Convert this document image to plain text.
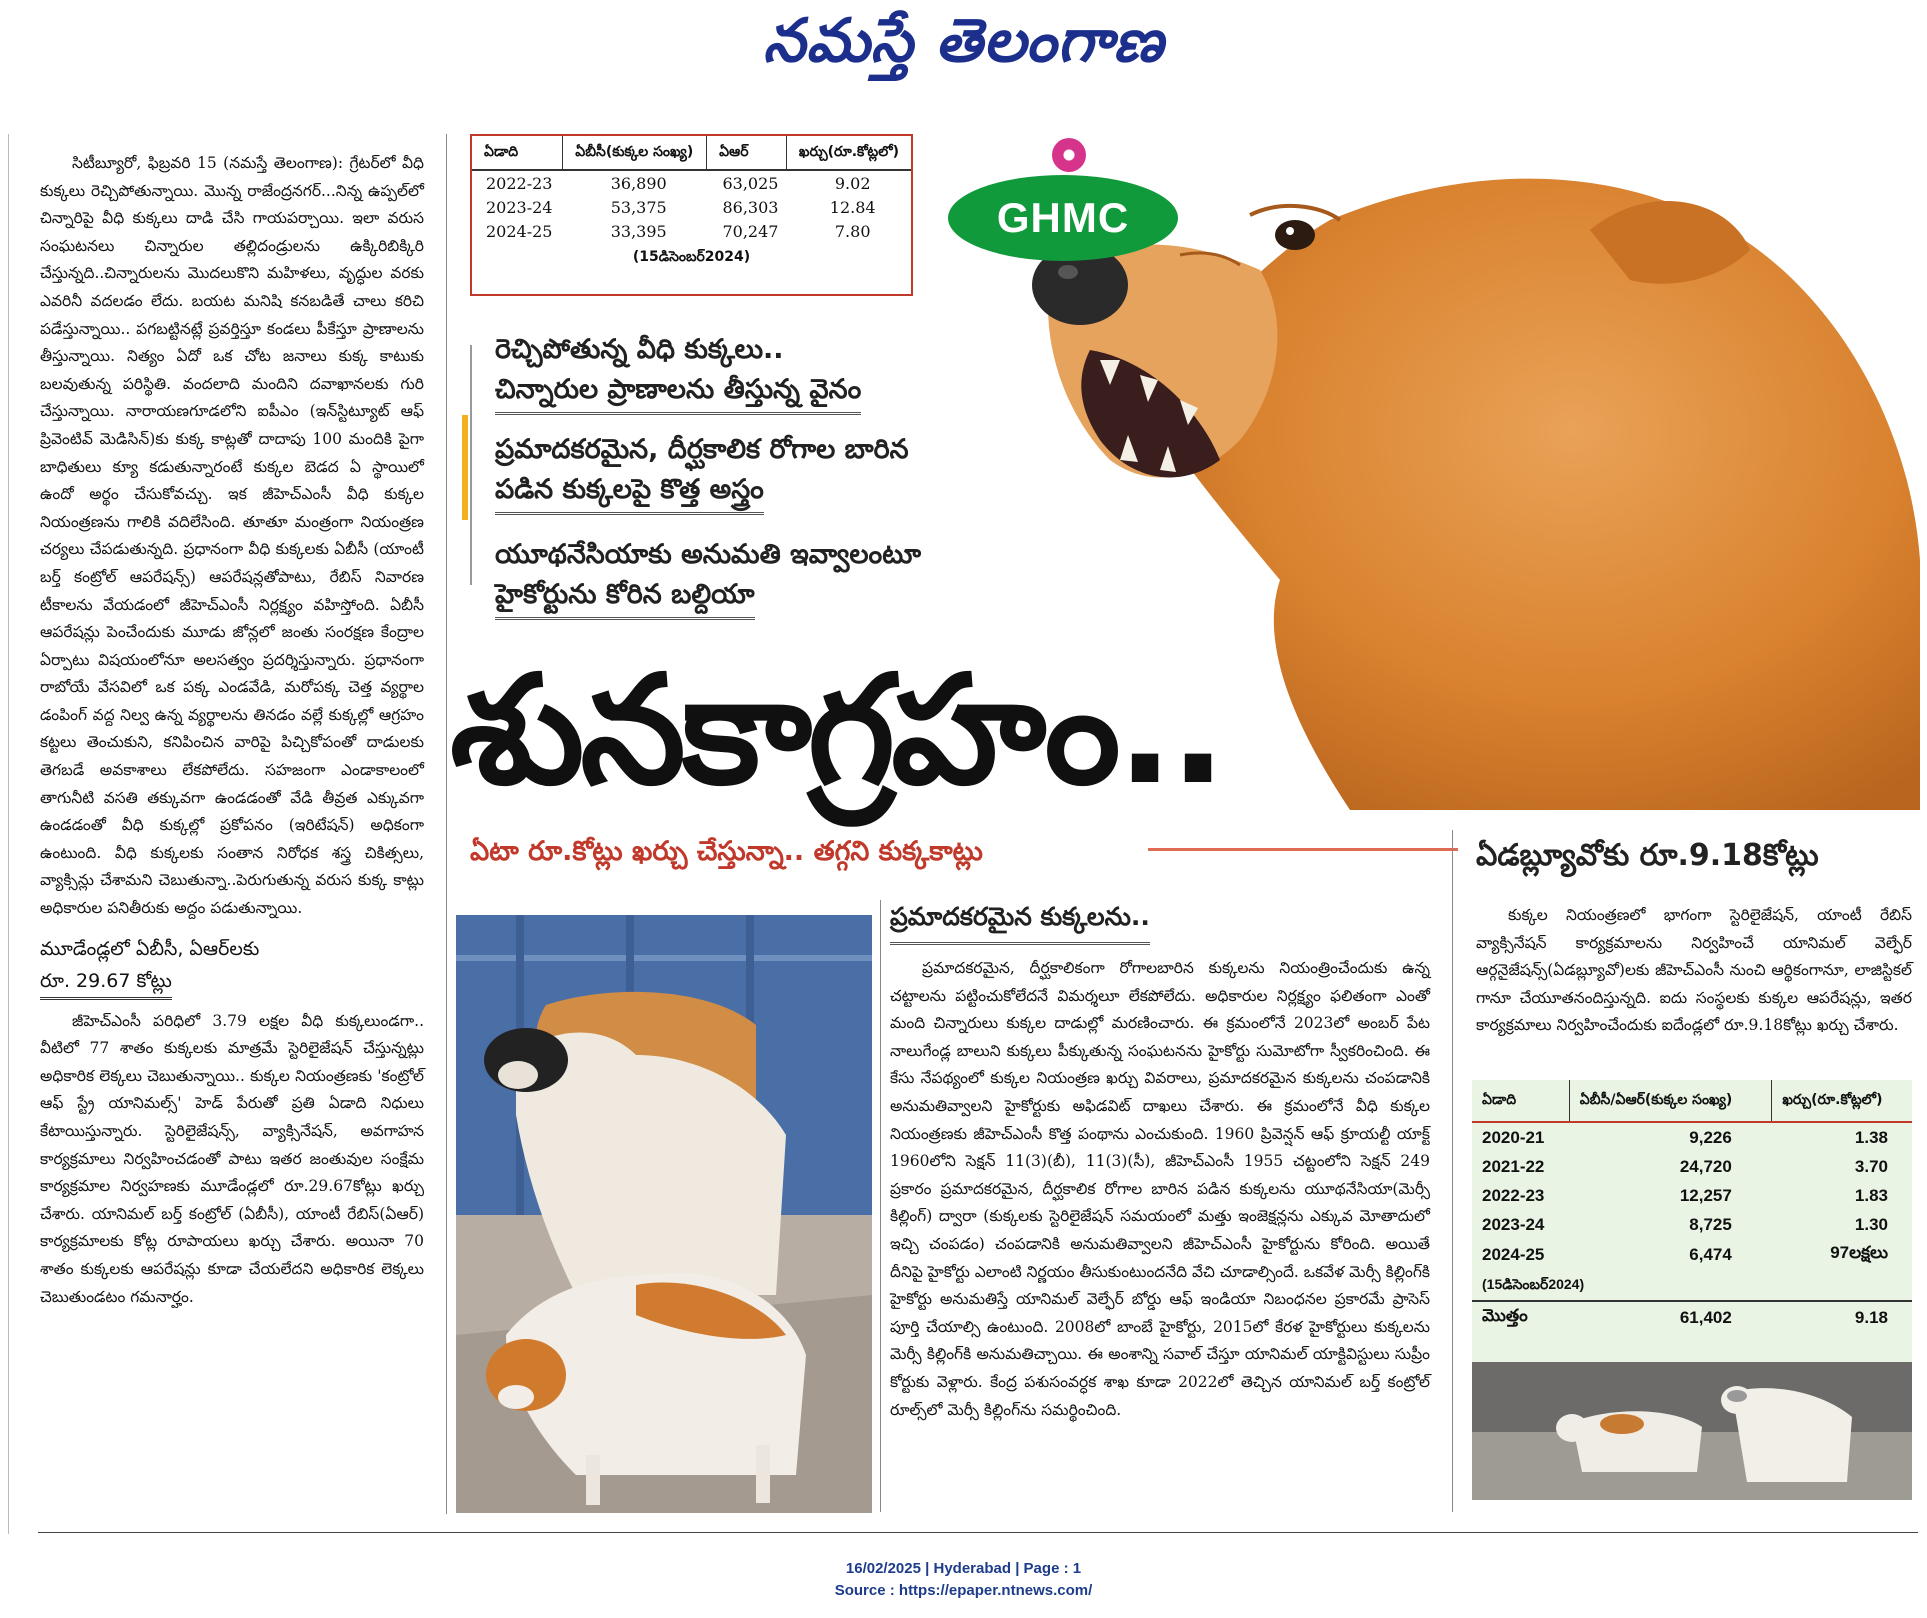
నమస్తే తెలంగాణ

సిటీబ్యూరో, ఫిబ్రవరి 15 (నమస్తే తెలంగాణ): గ్రేటర్‌లో వీధి కుక్కలు రెచ్చిపోతున్నాయి. మొన్న రాజేంద్రనగర్...నిన్న ఉప్పల్‌లో చిన్నారిపై వీధి కుక్కలు దాడి చేసి గాయపర్చాయి. ఇలా వరుస సంఘటనలు చిన్నారుల తల్లిదండ్రులను ఉక్కిరిబిక్కిరి చేస్తున్నది..చిన్నారులను మొదలుకొని మహిళలు, వృద్ధుల వరకు ఎవరినీ వదలడం లేదు. బయట మనిషి కనబడితే చాలు కరిచి పడేస్తున్నాయి.. పగబట్టినట్లే ప్రవర్తిస్తూ కండలు పీకేస్తూ ప్రాణాలను తీస్తున్నాయి. నిత్యం ఏదో ఒక చోట జనాలు కుక్క కాటుకు బలవుతున్న పరిస్థితి. వందలాది మందిని దవాఖానలకు గురి చేస్తున్నాయి. నారాయణగూడలోని ఐపీఎం (ఇన్‌స్టిట్యూట్ ఆఫ్ ప్రివెంటివ్ మెడిసిన్)కు కుక్క కాట్లతో దాదాపు 100 మందికి పైగా బాధితులు క్యూ కడుతున్నారంటే కుక్కల బెడద ఏ స్థాయిలో ఉందో అర్థం చేసుకోవచ్చు. ఇక జీహెచ్‌ఎంసీ వీధి కుక్కల నియంత్రణను గాలికి వదిలేసింది. తూతూ మంత్రంగా నియంత్రణ చర్యలు చేపడుతున్నది. ప్రధానంగా వీధి కుక్కలకు ఏబీసీ (యాంటీ బర్త్ కంట్రోల్ ఆపరేషన్స్) ఆపరేషన్లతోపాటు, రేబిస్ నివారణ టీకాలను వేయడంలో జీహెచ్‌ఎంసీ నిర్లక్ష్యం వహిస్తోంది. ఏబీసీ ఆపరేషన్లు పెంచేందుకు మూడు జోన్లలో జంతు సంరక్షణ కేంద్రాల ఏర్పాటు విషయంలోనూ అలసత్వం ప్రదర్శిస్తున్నారు. ప్రధానంగా రాబోయే వేసవిలో ఒక పక్క ఎండవేడి, మరోపక్క చెత్త వ్యర్థాల డంపింగ్ వద్ద నిల్వ ఉన్న వ్యర్థాలను తినడం వల్లే కుక్కల్లో ఆగ్రహం కట్టలు తెంచుకుని, కనిపించిన వారిపై పిచ్చికోపంతో దాడులకు తెగబడే అవకాశాలు లేకపోలేదు. సహజంగా ఎండాకాలంలో తాగునీటి వసతి తక్కువగా ఉండడంతో వేడి తీవ్రత ఎక్కువగా ఉండడంతో వీధి కుక్కల్లో ప్రకోపనం (ఇరిటేషన్) అధికంగా ఉంటుంది. వీధి కుక్కలకు సంతాన నిరోధక శస్త్ర చికిత్సలు, వ్యాక్సిన్లు చేశామని చెబుతున్నా..పెరుగుతున్న వరుస కుక్క కాట్లు అధికారుల పనితీరుకు అద్దం పడుతున్నాయి.

మూడేండ్లలో ఏబీసీ, ఏఆర్‌లకు
రూ. 29.67 కోట్లు

జీహెచ్‌ఎంసీ పరిధిలో 3.79 లక్షల వీధి కుక్కలుండగా.. వీటిలో 77 శాతం కుక్కలకు మాత్రమే స్టెరిలైజేషన్ చేస్తున్నట్లు అధికారిక లెక్కలు చెబుతున్నాయి.. కుక్కల నియంత్రణకు 'కంట్రోల్ ఆఫ్ స్ట్రే యానిమల్స్' హెడ్ పేరుతో ప్రతి ఏడాది నిధులు కేటాయిస్తున్నారు. స్టెరిలైజేషన్స్, వ్యాక్సినేషన్, అవగాహన కార్యక్రమాలు నిర్వహించడంతో పాటు ఇతర జంతువుల సంక్షేమ కార్యక్రమాల నిర్వహణకు మూడేండ్లలో రూ.29.67కోట్లు ఖర్చు చేశారు. యానిమల్ బర్త్ కంట్రోల్ (ఏబీసీ), యాంటీ రేబిస్(ఏఆర్) కార్యక్రమాలకు కోట్ల రూపాయలు ఖర్చు చేశారు. అయినా 70 శాతం కుక్కలకు ఆపరేషన్లు కూడా చేయలేదని అధికారిక లెక్కలు చెబుతుండటం గమనార్హం.

ఏడాది	ఏబీసీ(కుక్కల సంఖ్య)	ఏఆర్	ఖర్చు(రూ.కోట్లలో)
2022-23	36,890	63,025	9.02
2023-24	53,375	86,303	12.84
2024-25	33,395	70,247	7.80
(15డిసెంబర్2024)
GHMC
రెచ్చిపోతున్న వీధి కుక్కలు..
చిన్నారుల ప్రాణాలను తీస్తున్న వైనం
ప్రమాదకరమైన, దీర్ఘకాలిక రోగాల బారిన
పడిన కుక్కలపై కొత్త అస్త్రం
యూథనేసియాకు అనుమతి ఇవ్వాలంటూ
హైకోర్టును కోరిన బల్దియా
శునకాగ్రహం..
ఏటా రూ.కోట్లు ఖర్చు చేస్తున్నా.. తగ్గని కుక్కకాట్లు	ఏడబ్ల్యూవోకు రూ.9.18కోట్లు
ప్రమాదకరమైన కుక్కలను..

ప్రమాదకరమైన, దీర్ఘకాలికంగా రోగాలబారిన కుక్కలను నియంత్రించేందుకు ఉన్న చట్టాలను పట్టించుకోలేదనే విమర్శలూ లేకపోలేదు. అధికారుల నిర్లక్ష్యం ఫలితంగా ఎంతో మంది చిన్నారులు కుక్కల దాడుల్లో మరణించారు. ఈ క్రమంలోనే 2023లో అంబర్ పేట నాలుగేండ్ల బాలుని కుక్కలు పీక్కుతున్న సంఘటనను హైకోర్టు సుమోటోగా స్వీకరించింది. ఈ కేసు నేపథ్యంలో కుక్కల నియంత్రణ ఖర్చు వివరాలు, ప్రమాదకరమైన కుక్కలను చంపడానికి అనుమతివ్వాలని హైకోర్టుకు అఫిడవిట్ దాఖలు చేశారు. ఈ క్రమంలోనే వీధి కుక్కల నియంత్రణకు జీహెచ్‌ఎంసీ కొత్త పంథాను ఎంచుకుంది. 1960 ప్రివెన్షన్ ఆఫ్ క్రూయల్టీ యాక్ట్ 1960లోని సెక్షన్ 11(3)(బీ), 11(3)(సీ), జీహెచ్‌ఎంసీ 1955 చట్టంలోని సెక్షన్ 249 ప్రకారం ప్రమాదకరమైన, దీర్ఘకాలిక రోగాల బారిన పడిన కుక్కలను యూథనేసియా(మెర్సీ కిల్లింగ్) ద్వారా (కుక్కలకు స్టెరిలైజేషన్ సమయంలో మత్తు ఇంజెక్షన్లను ఎక్కువ మోతాదులో ఇచ్చి చంపడం) చంపడానికి అనుమతివ్వాలని జీహెచ్‌ఎంసీ హైకోర్టును కోరింది. అయితే దీనిపై హైకోర్టు ఎలాంటి నిర్ణయం తీసుకుంటుందనేది వేచి చూడాల్సిందే. ఒకవేళ మెర్సీ కిల్లింగ్‌కి హైకోర్టు అనుమతిస్తే యానిమల్ వెల్ఫేర్ బోర్డు ఆఫ్ ఇండియా నిబంధనల ప్రకారమే ప్రాసెస్ పూర్తి చేయాల్సి ఉంటుంది. 2008లో బాంబే హైకోర్టు, 2015లో కేరళ హైకోర్టులు కుక్కలను మెర్సీ కిల్లింగ్‌కి అనుమతిచ్చాయి. ఈ అంశాన్ని సవాల్ చేస్తూ యానిమల్ యాక్టివిస్టులు సుప్రీం కోర్టుకు వెళ్లారు. కేంద్ర పశుసంవర్ధక శాఖ కూడా 2022లో తెచ్చిన యానిమల్ బర్త్ కంట్రోల్ రూల్స్‌లో మెర్సీ కిల్లింగ్‌ను సమర్థించింది.

కుక్కల నియంత్రణలో భాగంగా స్టెరిలైజేషన్, యాంటీ రేబిస్ వ్యాక్సినేషన్ కార్యక్రమాలను నిర్వహించే యానిమల్ వెల్ఫేర్ ఆర్గనైజేషన్స్(ఏడబ్ల్యూవో)లకు జీహెచ్‌ఎంసీ నుంచి ఆర్థికంగానూ, లాజిస్టికల్ గానూ చేయూతనందిస్తున్నది. ఐదు సంస్థలకు కుక్కల ఆపరేషన్లు, ఇతర కార్యక్రమాలు నిర్వహించేందుకు ఐదేండ్లలో రూ.9.18కోట్లు ఖర్చు చేశారు.

ఏడాది	ఏబీసీ/ఏఆర్(కుక్కల సంఖ్య)	ఖర్చు(రూ.కోట్లలో)
2020-21	9,226	1.38
2021-22	24,720	3.70
2022-23	12,257	1.83
2023-24	8,725	1.30
2024-25	6,474	97లక్షలు
(15డిసెంబర్2024)		
మొత్తం	61,402	9.18
16/02/2025 | Hyderabad | Page : 1
Source : https://epaper.ntnews.com/
